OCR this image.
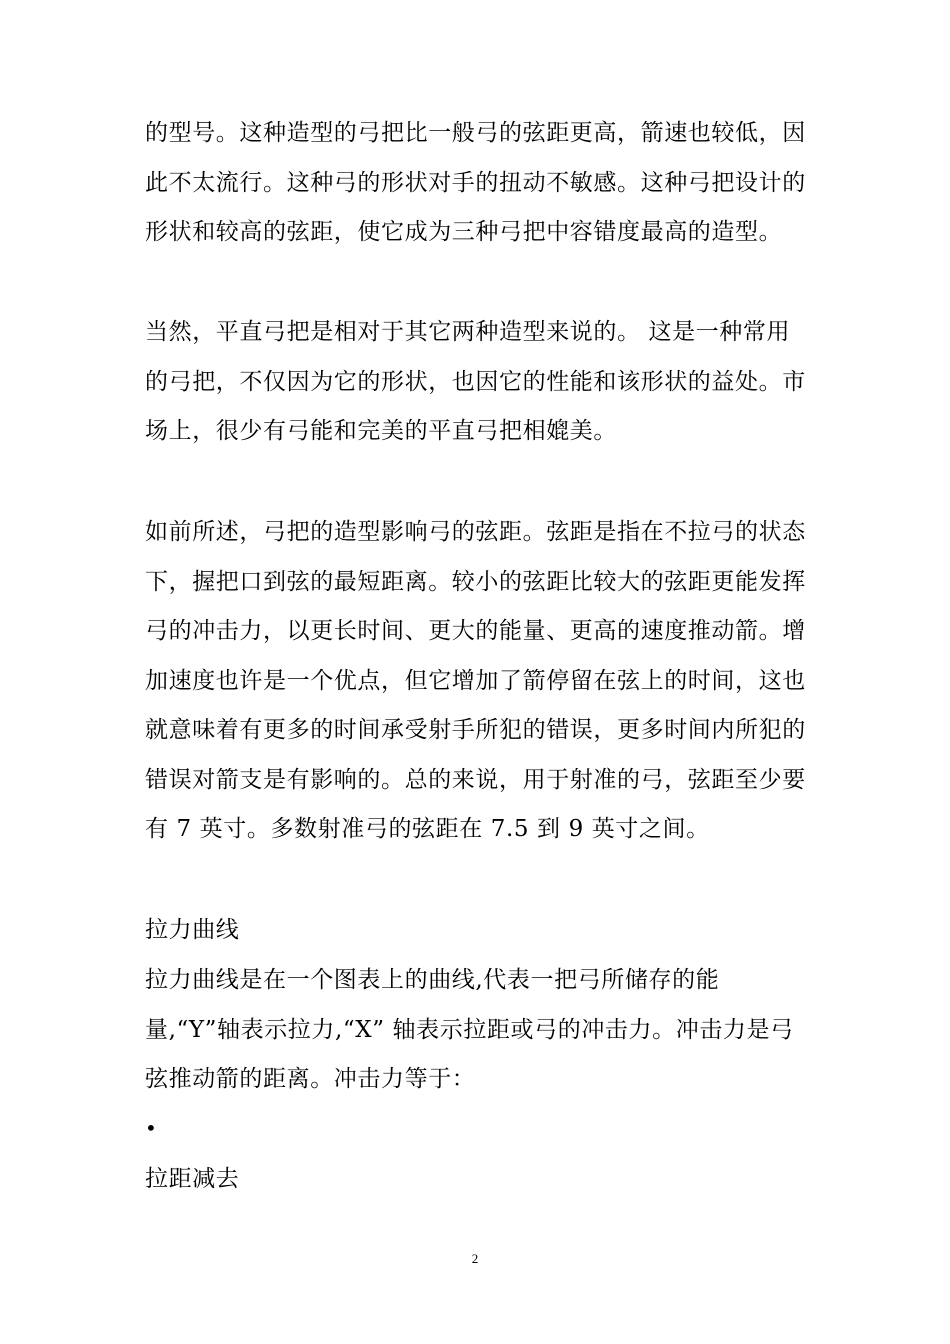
的型号。这种造型的弓把比一般弓的弦距更高，箭速也较低，因此不太流行。这种弓的形状对手的扭动不敏感。这种弓把设计的形状和较高的弦距，使它成为三种弓把中容错度最高的造型。

当然，平直弓把是相对于其它两种造型来说的。 这是一种常用的弓把，不仅因为它的形状，也因它的性能和该形状的益处。市场上，很少有弓能和完美的平直弓把相媲美。

如前所述，弓把的造型影响弓的弦距。弦距是指在不拉弓的状态下，握把口到弦的最短距离。较小的弦距比较大的弦距更能发挥弓的冲击力，以更长时间、更大的能量、更高的速度推动箭。增加速度也许是一个优点，但它增加了箭停留在弦上的时间，这也就意味着有更多的时间承受射手所犯的错误，更多时间内所犯的错误对箭支是有影响的。总的来说，用于射准的弓，弦距至少要有 7 英寸。多数射准弓的弦距在 7.5 到 9 英寸之间。

拉力曲线

拉力曲线是在一个图表上的曲线,代表一把弓所储存的能量,“Y”轴表示拉力,“X” 轴表示拉距或弓的冲击力。冲击力是弓弦推动箭的距离。冲击力等于：

•
拉距减去
2
